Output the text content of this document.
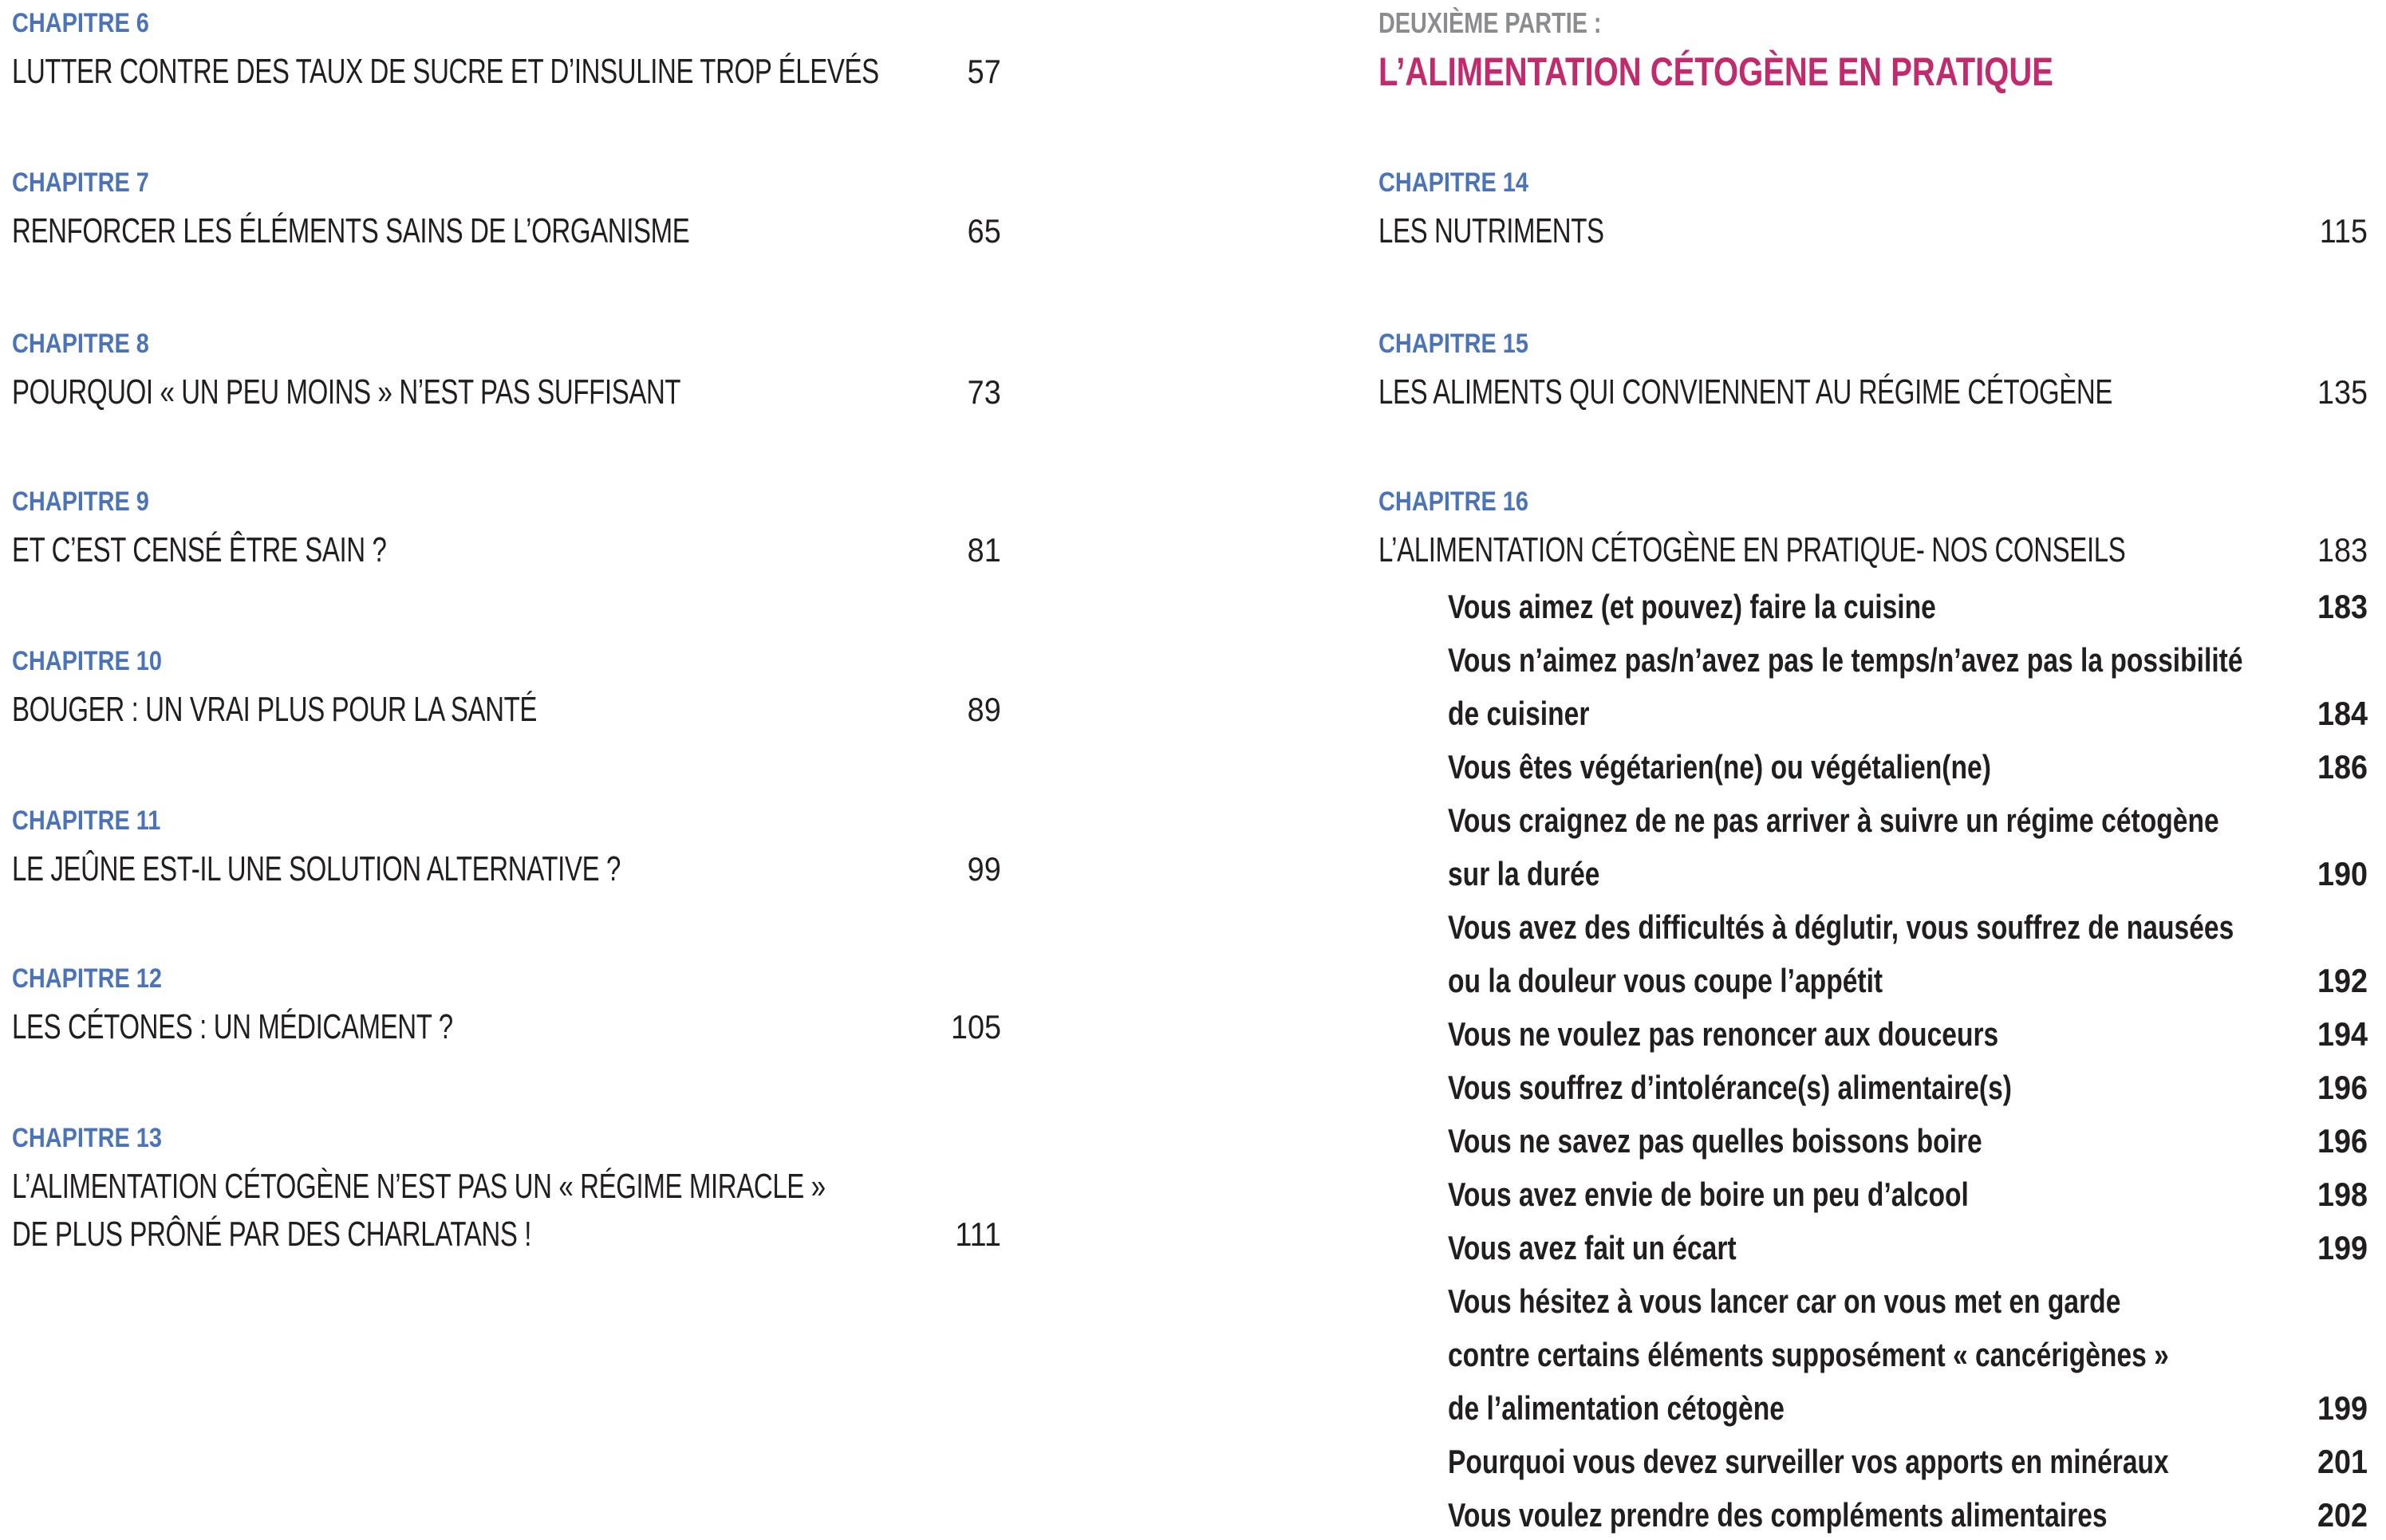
CHAPITRE 6
LUTTER CONTRE DES TAUX DE SUCRE ET D’INSULINE TROP ÉLEVÉS	57
CHAPITRE 7
RENFORCER LES ÉLÉMENTS SAINS DE L’ORGANISME	65
CHAPITRE 8
POURQUOI « UN PEU MOINS » N’EST PAS SUFFISANT	73
CHAPITRE 9
ET C’EST CENSÉ ÊTRE SAIN ?	81
CHAPITRE 10
BOUGER : UN VRAI PLUS POUR LA SANTÉ	89
CHAPITRE 11
LE JEÛNE EST-IL UNE SOLUTION ALTERNATIVE ?	99
CHAPITRE 12
LES CÉTONES : UN MÉDICAMENT ?	105
CHAPITRE 13
L’ALIMENTATION CÉTOGÈNE N’EST PAS UN « RÉGIME MIRACLE »
DE PLUS PRÔNÉ PAR DES CHARLATANS !	111
DEUXIÈME PARTIE :
L’ALIMENTATION CÉTOGÈNE EN PRATIQUE
CHAPITRE 14
LES NUTRIMENTS	115
CHAPITRE 15
LES ALIMENTS QUI CONVIENNENT AU RÉGIME CÉTOGÈNE	135
CHAPITRE 16
L’ALIMENTATION CÉTOGÈNE EN PRATIQUE- NOS CONSEILS	183
Vous aimez (et pouvez) faire la cuisine	183
Vous n’aimez pas/n’avez pas le temps/n’avez pas la possibilité
de cuisiner	184
Vous êtes végétarien(ne) ou végétalien(ne)	186
Vous craignez de ne pas arriver à suivre un régime cétogène
sur la durée	190
Vous avez des difficultés à déglutir, vous souffrez de nausées
ou la douleur vous coupe l’appétit	192
Vous ne voulez pas renoncer aux douceurs	194
Vous souffrez d’intolérance(s) alimentaire(s)	196
Vous ne savez pas quelles boissons boire	196
Vous avez envie de boire un peu d’alcool	198
Vous avez fait un écart	199
Vous hésitez à vous lancer car on vous met en garde
contre certains éléments supposément « cancérigènes »
de l’alimentation cétogène	199
Pourquoi vous devez surveiller vos apports en minéraux	201
Vous voulez prendre des compléments alimentaires	202
